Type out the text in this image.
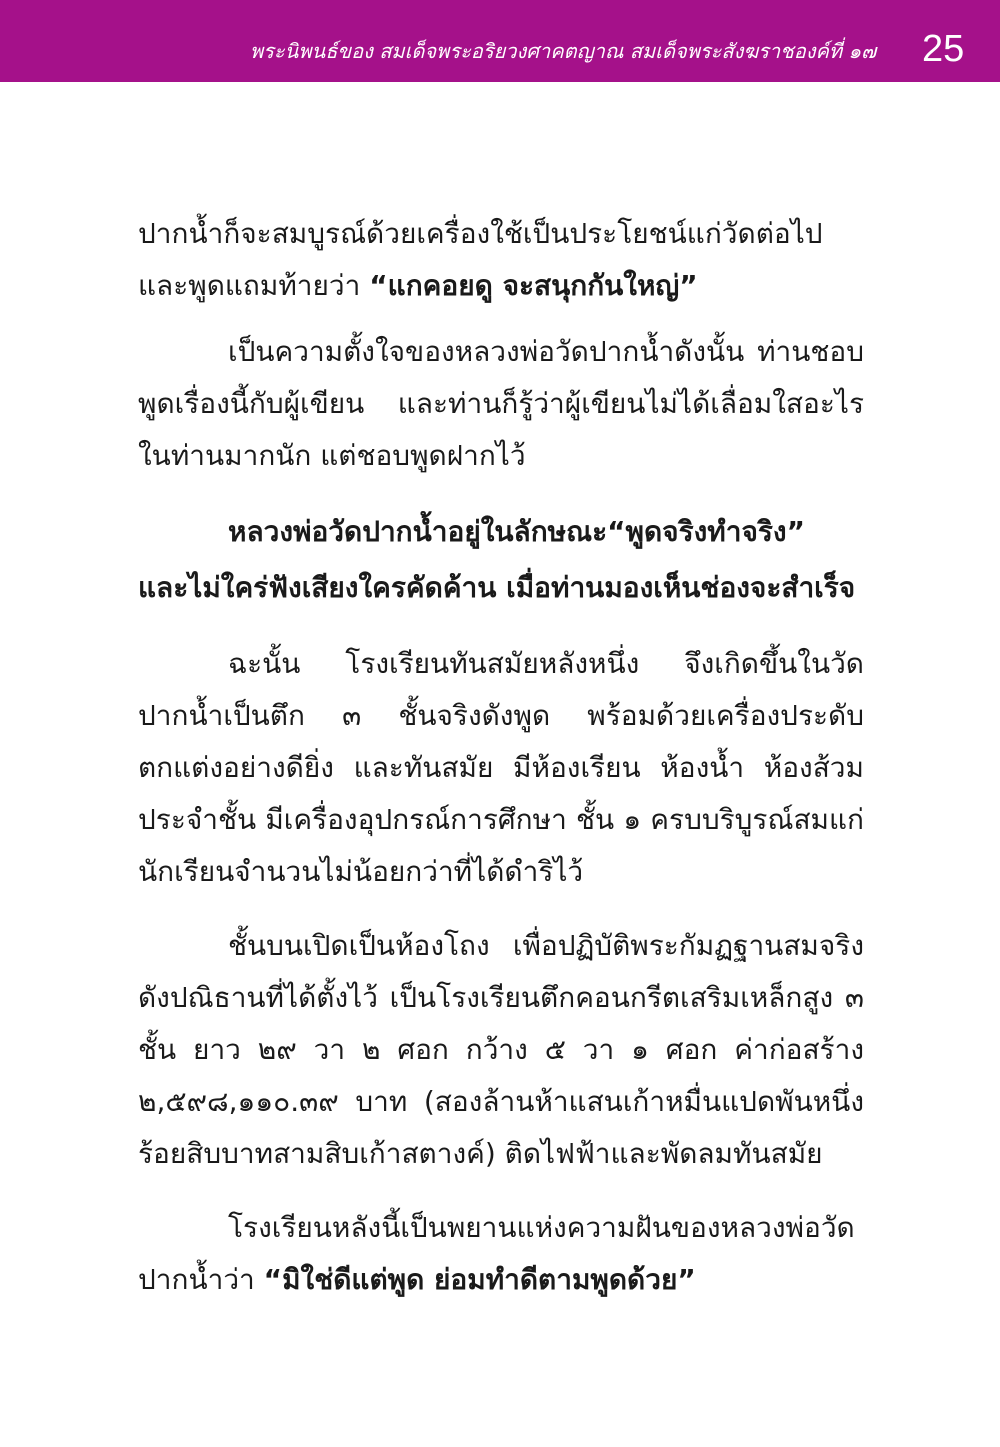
พระนิพนธ์ของ สมเด็จพระอริยวงศาคตญาณ สมเด็จพระสังฆราชองค์ที่ ๑๗	25

ปากน้ำก็จะสมบูรณ์ด้วยเครื่องใช้เป็นประโยชน์แก่วัดต่อไป และพูดแถมท้ายว่า “แกคอยดู จะสนุกกันใหญ่”

เป็นความตั้งใจของหลวงพ่อวัดปากน้ำดังนั้น ท่านชอบพูดเรื่องนี้กับผู้เขียน และท่านก็รู้ว่าผู้เขียนไม่ได้เลื่อมใสอะไรในท่านมากนัก แต่ชอบพูดฝากไว้

หลวงพ่อวัดปากน้ำอยู่ในลักษณะ“พูดจริงทำจริง”

และไม่ใคร่ฟังเสียงใครคัดค้าน เมื่อท่านมองเห็นช่องจะสำเร็จ

ฉะนั้น โรงเรียนทันสมัยหลังหนึ่ง จึงเกิดขึ้นในวัดปากน้ำเป็นตึก ๓ ชั้นจริงดังพูด พร้อมด้วยเครื่องประดับตกแต่งอย่างดียิ่ง และทันสมัย มีห้องเรียน ห้องน้ำ ห้องส้วมประจำชั้น มีเครื่องอุปกรณ์การศึกษา ชั้น ๑ ครบบริบูรณ์สมแก่นักเรียนจำนวนไม่น้อยกว่าที่ได้ดำริไว้

ชั้นบนเปิดเป็นห้องโถง เพื่อปฏิบัติพระกัมฏฐานสมจริงดังปณิธานที่ได้ตั้งไว้ เป็นโรงเรียนตึกคอนกรีตเสริมเหล็กสูง ๓ ชั้น ยาว ๒๙ วา ๒ ศอก กว้าง ๕ วา ๑ ศอก ค่าก่อสร้าง ๒,๕๙๘,๑๑๐.๓๙ บาท (สองล้านห้าแสนเก้าหมื่นแปดพันหนึ่งร้อยสิบบาทสามสิบเก้าสตางค์) ติดไฟฟ้าและพัดลมทันสมัย

โรงเรียนหลังนี้เป็นพยานแห่งความฝันของหลวงพ่อวัดปากน้ำว่า “มิใช่ดีแต่พูด ย่อมทำดีตามพูดด้วย”
